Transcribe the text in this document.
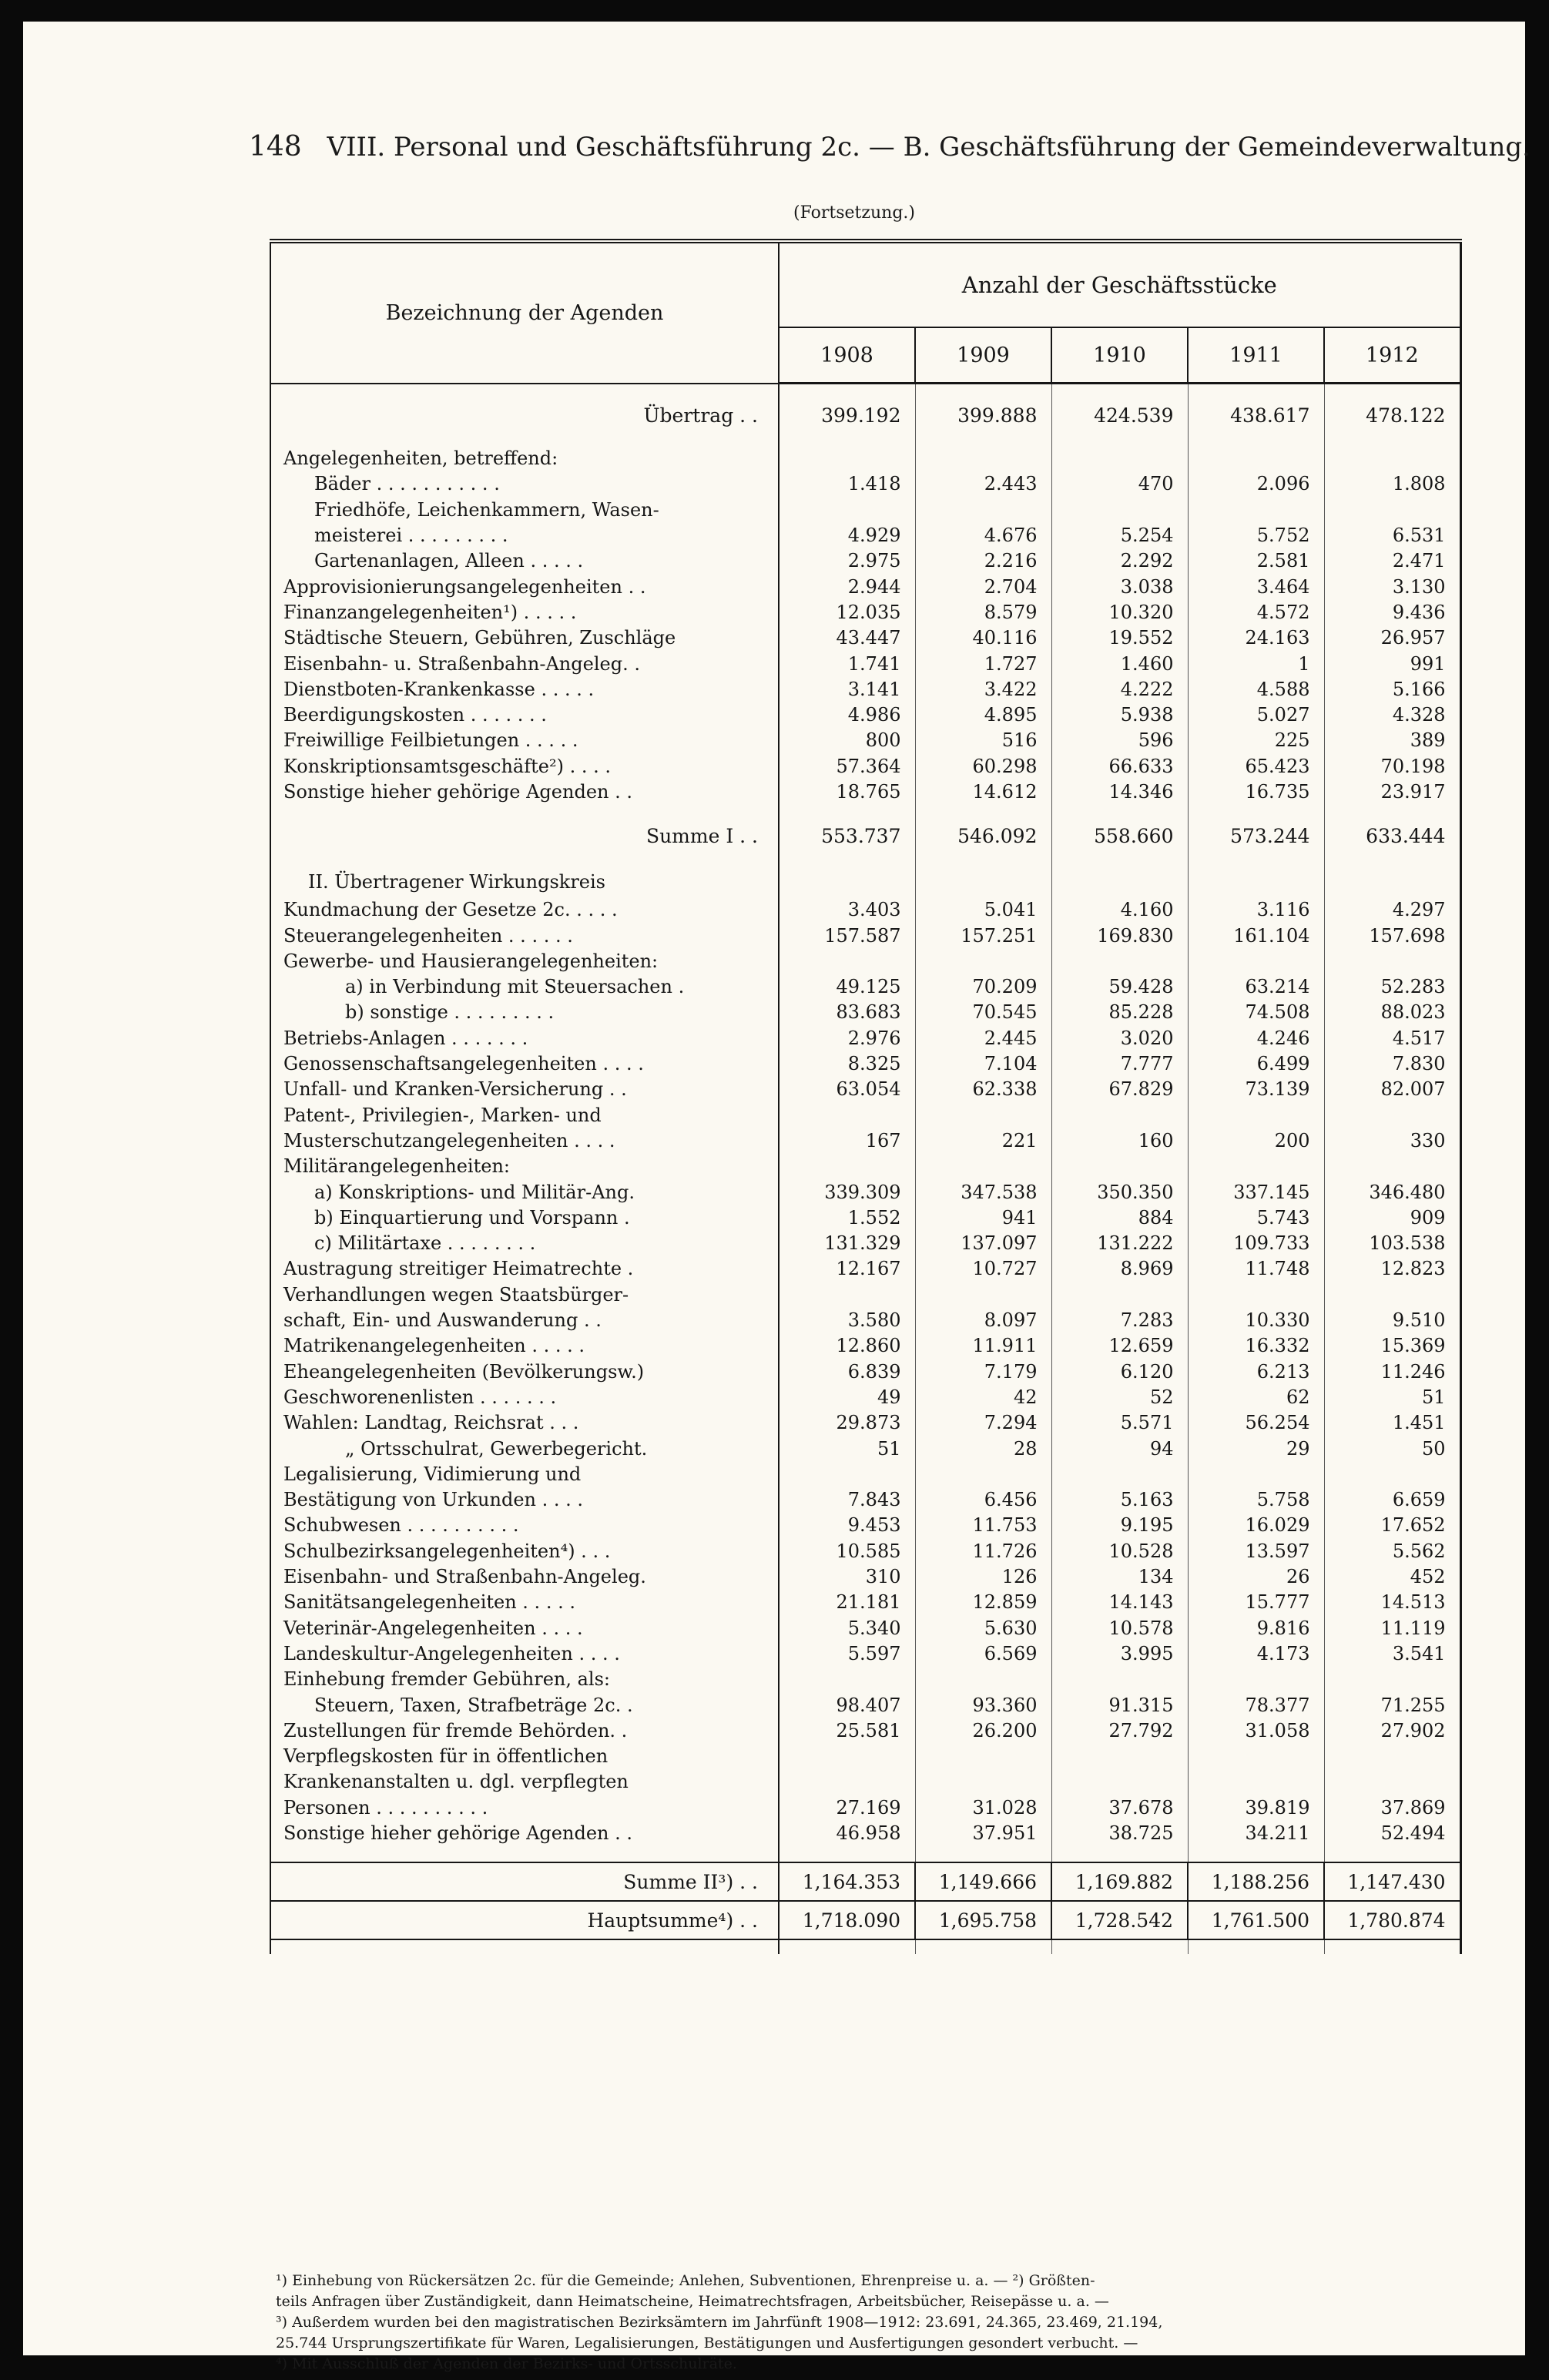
148 VIII. Personal und Geschäftsführung 2c. — B. Geschäftsführung der Gemeindeverwaltung.
(Fortsetzung.)
Bezeichnung der Agenden	Anzahl der Geschäftsstücke				
	1908	1909	1910	1911	1912

Übertrag . .	399.192	399.888	424.539	438.617	478.122

Angelegenheiten, betreffend:					
Bäder . . . . . . . . . . .	1.418	2.443	470	2.096	1.808
Friedhöfe, Leichenkammern, Wasen-					
meisterei . . . . . . . . .	4.929	4.676	5.254	5.752	6.531
Gartenanlagen, Alleen . . . . .	2.975	2.216	2.292	2.581	2.471
Approvisionierungsangelegenheiten . .	2.944	2.704	3.038	3.464	3.130
Finanzangelegenheiten¹) . . . . .	12.035	8.579	10.320	4.572	9.436
Städtische Steuern, Gebühren, Zuschläge	43.447	40.116	19.552	24.163	26.957
Eisenbahn- u. Straßenbahn-Angeleg. .	1.741	1.727	1.460	1	991
Dienstboten-Krankenkasse . . . . .	3.141	3.422	4.222	4.588	5.166
Beerdigungskosten . . . . . . .	4.986	4.895	5.938	5.027	4.328
Freiwillige Feilbietungen . . . . .	800	516	596	225	389
Konskriptionsamtsgeschäfte²) . . . .	57.364	60.298	66.633	65.423	70.198
Sonstige hieher gehörige Agenden . .	18.765	14.612	14.346	16.735	23.917

Summe I . .	553.737	546.092	558.660	573.244	633.444

II. Übertragener Wirkungskreis					
Kundmachung der Gesetze 2c. . . . .	3.403	5.041	4.160	3.116	4.297
Steuerangelegenheiten . . . . . .	157.587	157.251	169.830	161.104	157.698
Gewerbe- und Hausierangelegenheiten:					
a) in Verbindung mit Steuersachen .	49.125	70.209	59.428	63.214	52.283
b) sonstige . . . . . . . . .	83.683	70.545	85.228	74.508	88.023
Betriebs-Anlagen . . . . . . .	2.976	2.445	3.020	4.246	4.517
Genossenschaftsangelegenheiten . . . .	8.325	7.104	7.777	6.499	7.830
Unfall- und Kranken-Versicherung . .	63.054	62.338	67.829	73.139	82.007
Patent-, Privilegien-, Marken- und					
Musterschutzangelegenheiten . . . .	167	221	160	200	330
Militärangelegenheiten:					
a) Konskriptions- und Militär-Ang.	339.309	347.538	350.350	337.145	346.480
b) Einquartierung und Vorspann .	1.552	941	884	5.743	909
c) Militärtaxe . . . . . . . .	131.329	137.097	131.222	109.733	103.538
Austragung streitiger Heimatrechte .	12.167	10.727	8.969	11.748	12.823
Verhandlungen wegen Staatsbürger-					
schaft, Ein- und Auswanderung . .	3.580	8.097	7.283	10.330	9.510
Matrikenangelegenheiten . . . . .	12.860	11.911	12.659	16.332	15.369
Eheangelegenheiten (Bevölkerungsw.)	6.839	7.179	6.120	6.213	11.246
Geschworenenlisten . . . . . . .	49	42	52	62	51
Wahlen: Landtag, Reichsrat . . .	29.873	7.294	5.571	56.254	1.451
„ Ortsschulrat, Gewerbegericht.	51	28	94	29	50
Legalisierung, Vidimierung und					
Bestätigung von Urkunden . . . .	7.843	6.456	5.163	5.758	6.659
Schubwesen . . . . . . . . . .	9.453	11.753	9.195	16.029	17.652
Schulbezirksangelegenheiten⁴) . . .	10.585	11.726	10.528	13.597	5.562
Eisenbahn- und Straßenbahn-Angeleg.	310	126	134	26	452
Sanitätsangelegenheiten . . . . .	21.181	12.859	14.143	15.777	14.513
Veterinär-Angelegenheiten . . . .	5.340	5.630	10.578	9.816	11.119
Landeskultur-Angelegenheiten . . . .	5.597	6.569	3.995	4.173	3.541
Einhebung fremder Gebühren, als:					
Steuern, Taxen, Strafbeträge 2c. .	98.407	93.360	91.315	78.377	71.255
Zustellungen für fremde Behörden. .	25.581	26.200	27.792	31.058	27.902
Verpflegskosten für in öffentlichen					
Krankenanstalten u. dgl. verpflegten					
Personen . . . . . . . . . .	27.169	31.028	37.678	39.819	37.869
Sonstige hieher gehörige Agenden . .	46.958	37.951	38.725	34.211	52.494

Summe II³) . .	1,164.353	1,149.666	1,169.882	1,188.256	1,147.430
Hauptsumme⁴) . .	1,718.090	1,695.758	1,728.542	1,761.500	1,780.874

¹) Einhebung von Rückersätzen 2c. für die Gemeinde; Anlehen, Subventionen, Ehrenpreise u. a. — ²) Größten-
teils Anfragen über Zuständigkeit, dann Heimatscheine, Heimatrechtsfragen, Arbeitsbücher, Reisepässe u. a. —
³) Außerdem wurden bei den magistratischen Bezirksämtern im Jahrfünft 1908—1912: 23.691, 24.365, 23.469, 21.194,
25.744 Ursprungszertifikate für Waren, Legalisierungen, Bestätigungen und Ausfertigungen gesondert verbucht. —
⁴) Mit Ausschluß der Agenden der Bezirks- und Ortsschulräte.
